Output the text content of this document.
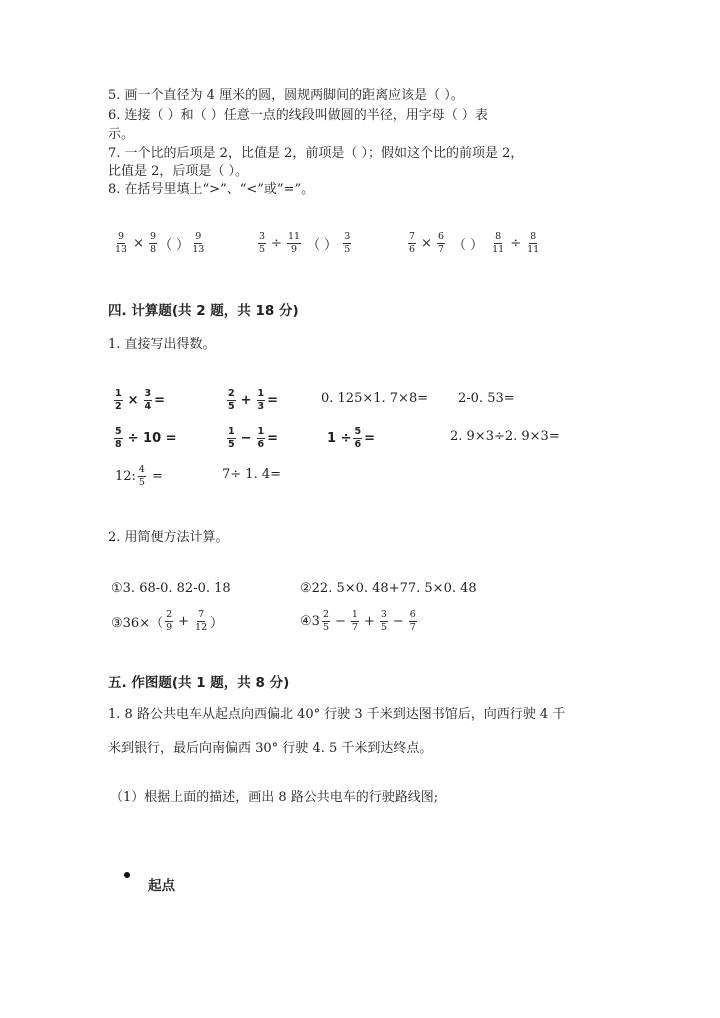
5. 画一个直径为 4 厘米的圆，圆规两脚间的距离应该是（ ）。
6. 连接（ ）和（ ）任意一点的线段叫做圆的半径，用字母（ ）表
示。
7. 一个比的后项是 2，比值是 2，前项是（ ）；假如这个比的前项是 2，
比值是 2，后项是（ ）。
8. 在括号里填上“>”、“<”或“=”。
$\frac{9}{13} \times \frac{9}{8}$ （ ） $\frac{9}{13}$	$\frac{3}{5} \div \frac{11}{9}$ （ ） $\frac{3}{5}$	$\frac{7}{6} \times \frac{6}{7}$ （ ） $\frac{8}{11} \div \frac{8}{11}$
四. 计算题(共 2 题，共 18 分)
1. 直接写出得数。
$\frac{1}{2} \times \frac{3}{4}$ =	$\frac{2}{5} + \frac{1}{3}$ =	0. 125×1. 7×8= 2-0. 53=
$\frac{5}{8} \div 10$ =	$\frac{1}{5} - \frac{1}{6}$ =	$1 \div \frac{5}{6}$ =	2. 9×3÷2. 9×3=
12: $\frac{4}{5}$ =	7÷ 1. 4=
2. 用简便方法计算。
①3. 68-0. 82-0. 18	②22. 5×0. 48+77. 5×0. 48
③36×（ $\frac{2}{9} + \frac{7}{12}$ ）	④3 $\frac{2}{5} - \frac{1}{7} + \frac{3}{5} - \frac{6}{7}$
五. 作图题(共 1 题，共 8 分)
1. 8 路公共电车从起点向西偏北 40° 行驶 3 千米到达图书馆后，向西行驶 4 千
米到银行，最后向南偏西 30° 行驶 4. 5 千米到达终点。
（1）根据上面的描述，画出 8 路公共电车的行驶路线图;
起点
